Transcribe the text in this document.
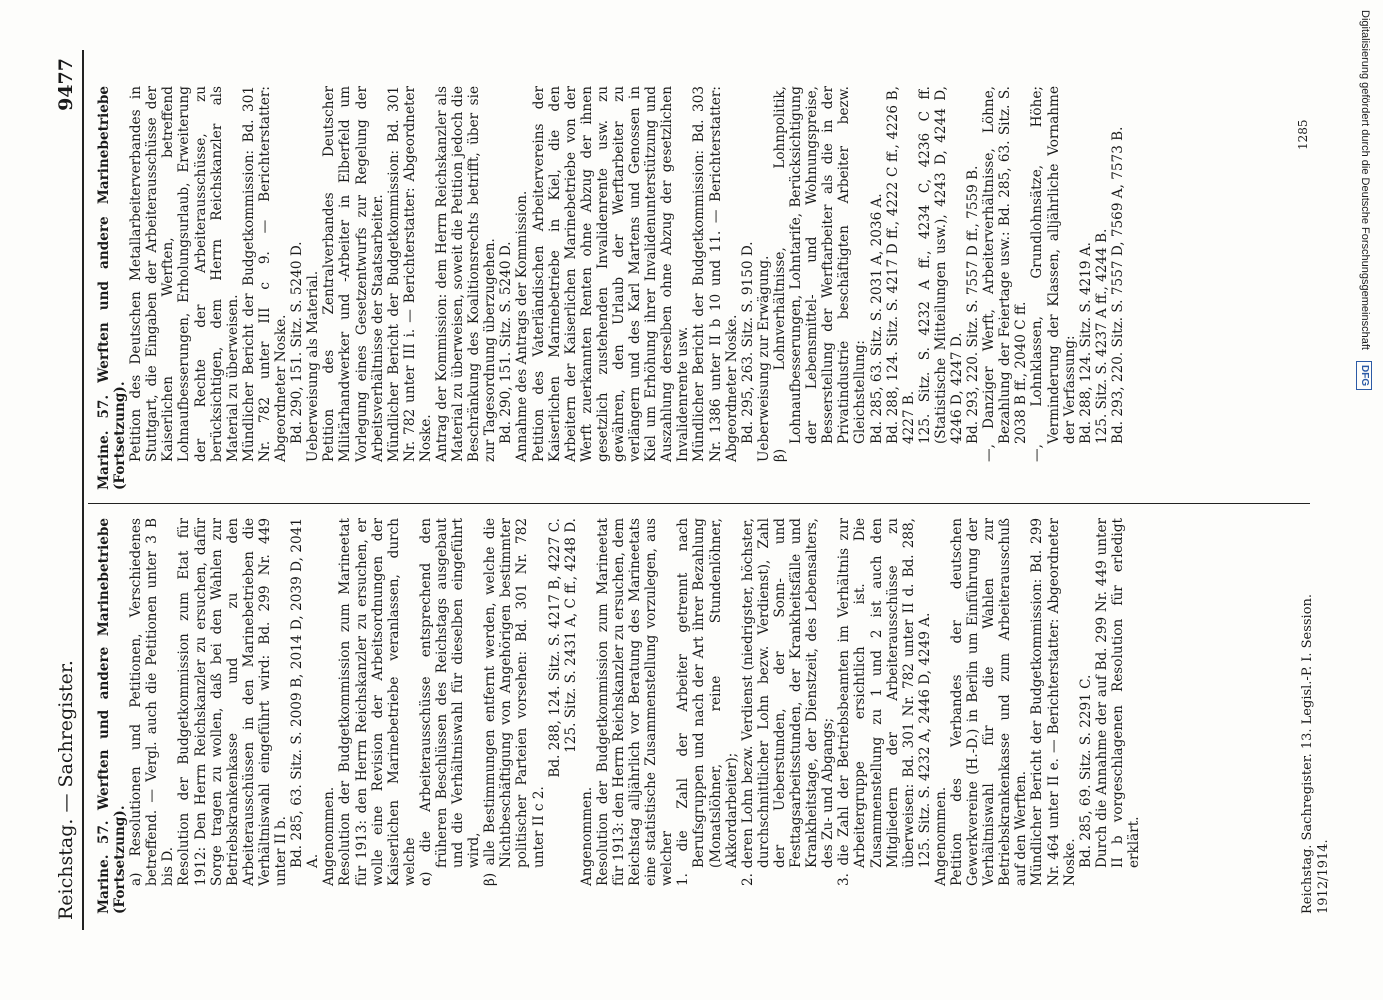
Reichstag. — Sachregister.
9477

Marine. 57. Werften und andere Marinebetriebe (Fortsetzung). a) Resolutionen und Petitionen, Verschiedenes betreffend. — Vergl. auch die Petitionen unter 3 B bis D. Resolution der Budgetkommission zum Etat für 1912: Den Herrn Reichskanzler zu ersuchen, dafür Sorge tragen zu wollen, daß bei den Wahlen zur Betriebskrankenkasse und zu den Arbeiterausschüssen in den Marinebetrieben die Verhältniswahl eingeführt wird: Bd. 299 Nr. 449 unter II b. Bd. 285, 63. Sitz. S. 2009 B, 2014 D, 2039 D, 2041 A. Angenommen. Resolution der Budgetkommission zum Marineetat für 1913: den Herrn Reichskanzler zu ersuchen, er wolle eine Revision der Arbeitsordnungen der Kaiserlichen Marinebetriebe veranlassen, durch welche α) die Arbeiterausschüsse entsprechend den früheren Beschlüssen des Reichstags ausgebaut und die Verhältniswahl für dieselben eingeführt wird, β) alle Bestimmungen entfernt werden, welche die Nichtbeschäftigung von Angehörigen bestimmter politischer Parteien vorsehen: Bd. 301 Nr. 782 unter II c 2.

Bd. 288, 124. Sitz. S. 4217 B, 4227 C. 125. Sitz. S. 2431 A, C ff., 4248 D.

Angenommen. Resolution der Budgetkommission zum Marineetat für 1913: den Herrn Reichskanzler zu ersuchen, dem Reichstag alljährlich vor Beratung des Marineetats eine statistische Zusammenstellung vorzulegen, aus welcher 1. die Zahl der Arbeiter getrennt nach Berufsgruppen und nach der Art ihrer Bezahlung (Monatslöhner, reine Stundenlöhner, Akkordarbeiter); 2. deren Lohn bezw. Verdienst (niedrigster, höchster, durchschnittlicher Lohn bezw. Verdienst), Zahl der Ueberstunden, der Sonn- und Festtagsarbeitsstunden, der Krankheitsfälle und Krankheitstage, der Dienstzeit, des Lebensalters, des Zu- und Abgangs; 3. die Zahl der Betriebsbeamten im Verhältnis zur Arbeitergruppe ersichtlich ist. Die Zusammenstellung zu 1 und 2 ist auch den Mitgliedern der Arbeiterausschüsse zu überweisen: Bd. 301 Nr. 782 unter II d. Bd. 288, 125. Sitz. S. 4232 A, 2446 D, 4249 A. Angenommen. Petition des Verbandes der deutschen Gewerkvereine (H.-D.) in Berlin um Einführung der Verhältniswahl für die Wahlen zur Betriebskrankenkasse und zum Arbeiterausschuß auf den Werften. Mündlicher Bericht der Budgetkommission: Bd. 299 Nr. 464 unter II e. — Berichterstatter: Abgeordneter Noske. Bd. 285, 69. Sitz. S. 2291 C. Durch die Annahme der auf Bd. 299 Nr. 449 unter II b vorgeschlagenen Resolution für erledigt erklärt.

Marine. 57. Werften und andere Marinebetriebe (Fortsetzung). Petition des Deutschen Metallarbeiterverbandes in Stuttgart, die Eingaben der Arbeiterausschüsse der Kaiserlichen Werften, betreffend Lohnaufbesserungen, Erholungsurlaub, Erweiterung der Rechte der Arbeiterausschüsse, zu berücksichtigen, dem Herrn Reichskanzler als Material zu überweisen. Mündlicher Bericht der Budgetkommission: Bd. 301 Nr. 782 unter III c 9. — Berichterstatter: Abgeordneter Noske. Bd. 290, 151. Sitz. S. 5240 D. Ueberweisung als Material. Petition des Zentralverbandes Deutscher Militärhandwerker und -Arbeiter in Elberfeld um Vorlegung eines Gesetzentwurfs zur Regelung der Arbeitsverhältnisse der Staatsarbeiter. Mündlicher Bericht der Budgetkommission: Bd. 301 Nr. 782 unter III i. — Berichterstatter: Abgeordneter Noske. Antrag der Kommission: dem Herrn Reichskanzler als Material zu überweisen, soweit die Petition jedoch die Beschränkung des Koalitionsrechts betrifft, über sie zur Tagesordnung überzugehen. Bd. 290, 151. Sitz. S. 5240 D. Annahme des Antrags der Kommission. Petition des Vaterländischen Arbeitervereins der Kaiserlichen Marinebetriebe in Kiel, die den Arbeitern der Kaiserlichen Marinebetriebe von der Werft zuerkannten Renten ohne Abzug der ihnen gesetzlich zustehenden Invalidenrente usw. zu gewähren, den Urlaub der Werftarbeiter zu verlängern und des Karl Martens und Genossen in Kiel um Erhöhung ihrer Invalidenunterstützung und Auszahlung derselben ohne Abzug der gesetzlichen Invalidenrente usw. Mündlicher Bericht der Budgetkommission: Bd. 303 Nr. 1386 unter II b 10 und 11. — Berichterstatter: Abgeordneter Noske. Bd. 295, 263. Sitz. S. 9150 D. Ueberweisung zur Erwägung. β) Lohnverhältnisse, Lohnpolitik, Lohnaufbesserungen, Lohntarife, Berücksichtigung der Lebensmittel- und Wohnungspreise, Besserstellung der Werftarbeiter als die in der Privatindustrie beschäftigten Arbeiter bezw. Gleichstellung: Bd. 285, 63. Sitz. S. 2031 A, 2036 A. Bd. 288, 124. Sitz. S. 4217 D ff., 4222 C ff., 4226 B, 4227 B. 125. Sitz. S. 4232 A ff., 4234 C, 4236 C ff. (Statistische Mitteilungen usw.), 4243 D, 4244 D, 4246 D, 4247 D. Bd. 293, 220. Sitz. S. 7557 D ff., 7559 B. —, Danziger Werft, Arbeiterverhältnisse, Löhne, Bezahlung der Feiertage usw.: Bd. 285, 63. Sitz. S. 2038 B ff., 2040 C ff. —, Lohnklassen, Grundlohnsätze, Höhe; Verminderung der Klassen, alljährliche Vornahme der Verfassung: Bd. 288, 124. Sitz. S. 4219 A. 125. Sitz. S. 4237 A ff., 4244 B. Bd. 293, 220. Sitz. S. 7557 D, 7569 A, 7573 B.

Reichstag. Sachregister. 13. Legisl.-P. I. Session. 1912/1914.
1285	Digitalisierung gefördert durch die Deutsche Forschungsgemeinschaft DFG
